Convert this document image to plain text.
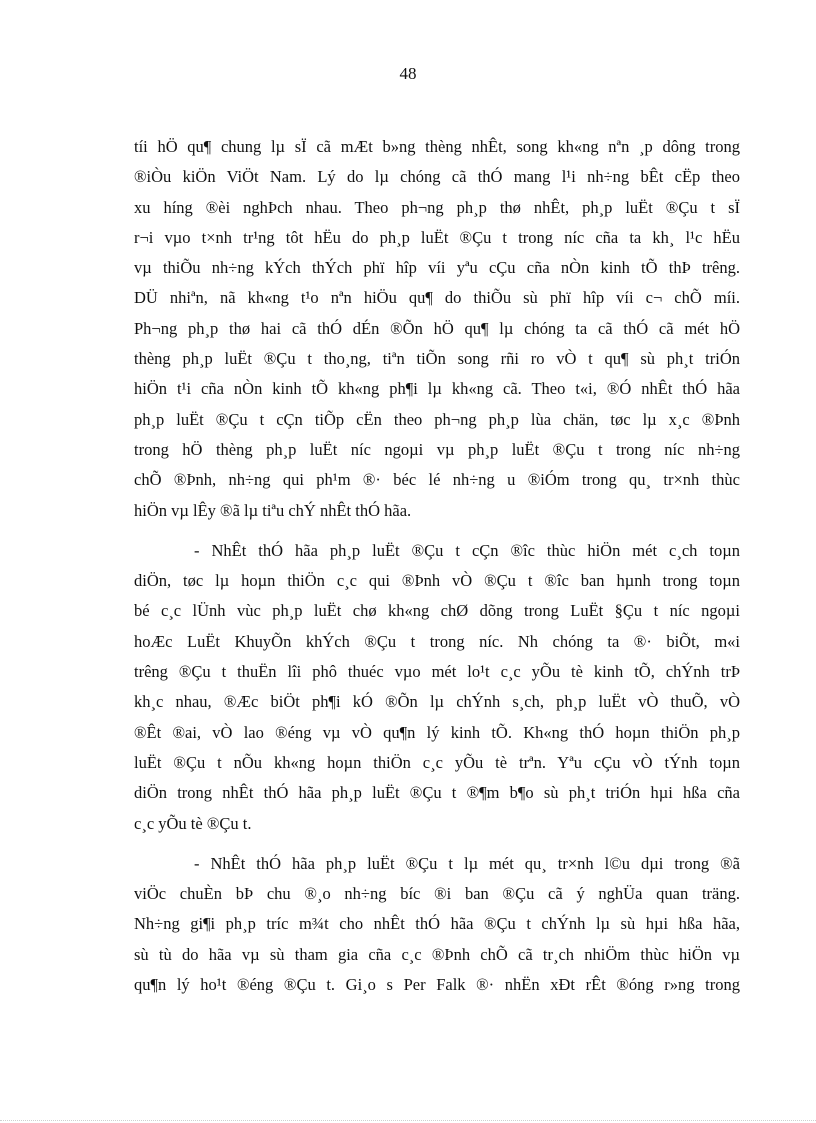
48
tíi hÖ qu¶ chung lµ sÏ cã mÆt b»ng thèng nhÊt, song kh«ng nªn ¸p dông trong
®iÒu kiÖn ViÖt Nam. Lý do lµ chóng cã thÓ mang l¹i nh÷ng bÊt cËp theo
xu híng ®èi nghÞch nhau. Theo ph¬ng ph¸p thø nhÊt, ph¸p luËt ®Çu t sÏ
r¬i vµo t×nh tr¹ng tôt hËu do ph¸p luËt ®Çu t trong níc cña ta kh¸ l¹c hËu
vµ thiÕu nh÷ng kÝch thÝch phï hîp víi yªu cÇu cña nÒn kinh tÕ thÞ trêng.
DÜ nhiªn, nã kh«ng t¹o nªn hiÖu qu¶ do thiÕu sù phï hîp víi c¬ chÕ míi.
Ph¬ng ph¸p thø hai cã thÓ dÉn ®Õn hÖ qu¶ lµ chóng ta cã thÓ cã mét hÖ
thèng ph¸p luËt ®Çu t tho¸ng, tiªn tiÕn song rñi ro vÒ t qu¶ sù ph¸t triÓn
hiÖn t¹i cña nÒn kinh tÕ kh«ng ph¶i lµ kh«ng cã. Theo t«i, ®Ó nhÊt thÓ hãa
ph¸p luËt ®Çu t cÇn tiÕp cËn theo ph¬ng ph¸p lùa chän, tøc lµ x¸c ®Þnh
trong hÖ thèng ph¸p luËt níc ngoµi vµ ph¸p luËt ®Çu t trong níc nh÷ng
chÕ ®Þnh, nh÷ng qui ph¹m ®· béc lé nh÷ng u ®iÓm trong qu¸ tr×nh thùc
hiÖn vµ lÊy ®ã lµ tiªu chÝ nhÊt thÓ hãa.
- NhÊt thÓ hãa ph¸p luËt ®Çu t cÇn ®îc thùc hiÖn mét c¸ch toµn
diÖn, tøc lµ hoµn thiÖn c¸c qui ®Þnh vÒ ®Çu t ®îc ban hµnh trong toµn
bé c¸c lÜnh vùc ph¸p luËt chø kh«ng chØ dõng trong LuËt §Çu t níc ngoµi
hoÆc LuËt KhuyÕn khÝch ®Çu t trong níc. Nh chóng ta ®· biÕt, m«i
trêng ®Çu t thuËn lîi phô thuéc vµo mét lo¹t c¸c yÕu tè kinh tÕ, chÝnh trÞ
kh¸c nhau, ®Æc biÖt ph¶i kÓ ®Õn lµ chÝnh s¸ch, ph¸p luËt vÒ thuÕ, vÒ
®Êt ®ai, vÒ lao ®éng vµ vÒ qu¶n lý kinh tÕ. Kh«ng thÓ hoµn thiÖn ph¸p
luËt ®Çu t nÕu kh«ng hoµn thiÖn c¸c yÕu tè trªn. Yªu cÇu vÒ tÝnh toµn
diÖn trong nhÊt thÓ hãa ph¸p luËt ®Çu t ®¶m b¶o sù ph¸t triÓn hµi hßa cña
c¸c yÕu tè ®Çu t.
- NhÊt thÓ hãa ph¸p luËt ®Çu t lµ mét qu¸ tr×nh l©u dµi trong ®ã
viÖc chuÈn bÞ chu ®¸o nh÷ng bíc ®i ban ®Çu cã ý nghÜa quan träng.
Nh÷ng gi¶i ph¸p tríc m¾t cho nhÊt thÓ hãa ®Çu t chÝnh lµ sù hµi hßa hãa,
sù tù do hãa vµ sù tham gia cña c¸c ®Þnh chÕ cã tr¸ch nhiÖm thùc hiÖn vµ
qu¶n lý ho¹t ®éng ®Çu t. Gi¸o s Per Falk ®· nhËn xÐt rÊt ®óng r»ng trong
